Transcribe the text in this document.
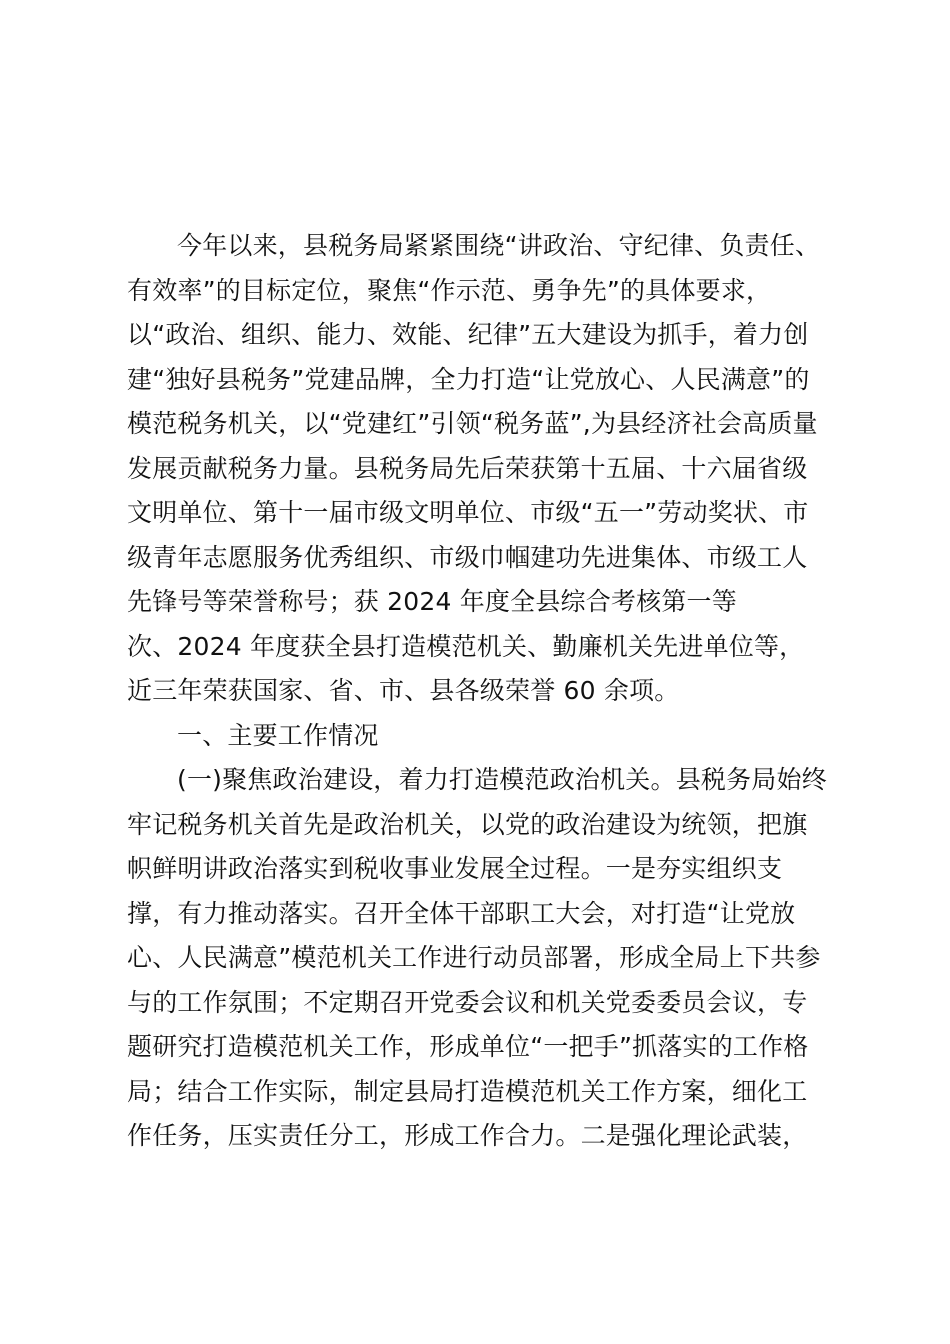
今年以来，县税务局紧紧围绕“讲政治、守纪律、负责任、
有效率”的目标定位，聚焦“作示范、勇争先”的具体要求，
以“政治、组织、能力、效能、纪律”五大建设为抓手，着力创
建“独好县税务”党建品牌，全力打造“让党放心、人民满意”的
模范税务机关，以“党建红”引领“税务蓝”,为县经济社会高质量
发展贡献税务力量。县税务局先后荣获第十五届、十六届省级
文明单位、第十一届市级文明单位、市级“五一”劳动奖状、市
级青年志愿服务优秀组织、市级巾帼建功先进集体、市级工人
先锋号等荣誉称号；获 2024 年度全县综合考核第一等
次、2024 年度获全县打造模范机关、勤廉机关先进单位等，
近三年荣获国家、省、市、县各级荣誉 60 余项。
一、主要工作情况
(一)聚焦政治建设，着力打造模范政治机关。县税务局始终
牢记税务机关首先是政治机关，以党的政治建设为统领，把旗
帜鲜明讲政治落实到税收事业发展全过程。一是夯实组织支
撑，有力推动落实。召开全体干部职工大会，对打造“让党放
心、人民满意”模范机关工作进行动员部署，形成全局上下共参
与的工作氛围；不定期召开党委会议和机关党委委员会议，专
题研究打造模范机关工作，形成单位“一把手”抓落实的工作格
局；结合工作实际，制定县局打造模范机关工作方案，细化工
作任务，压实责任分工，形成工作合力。二是强化理论武装，
